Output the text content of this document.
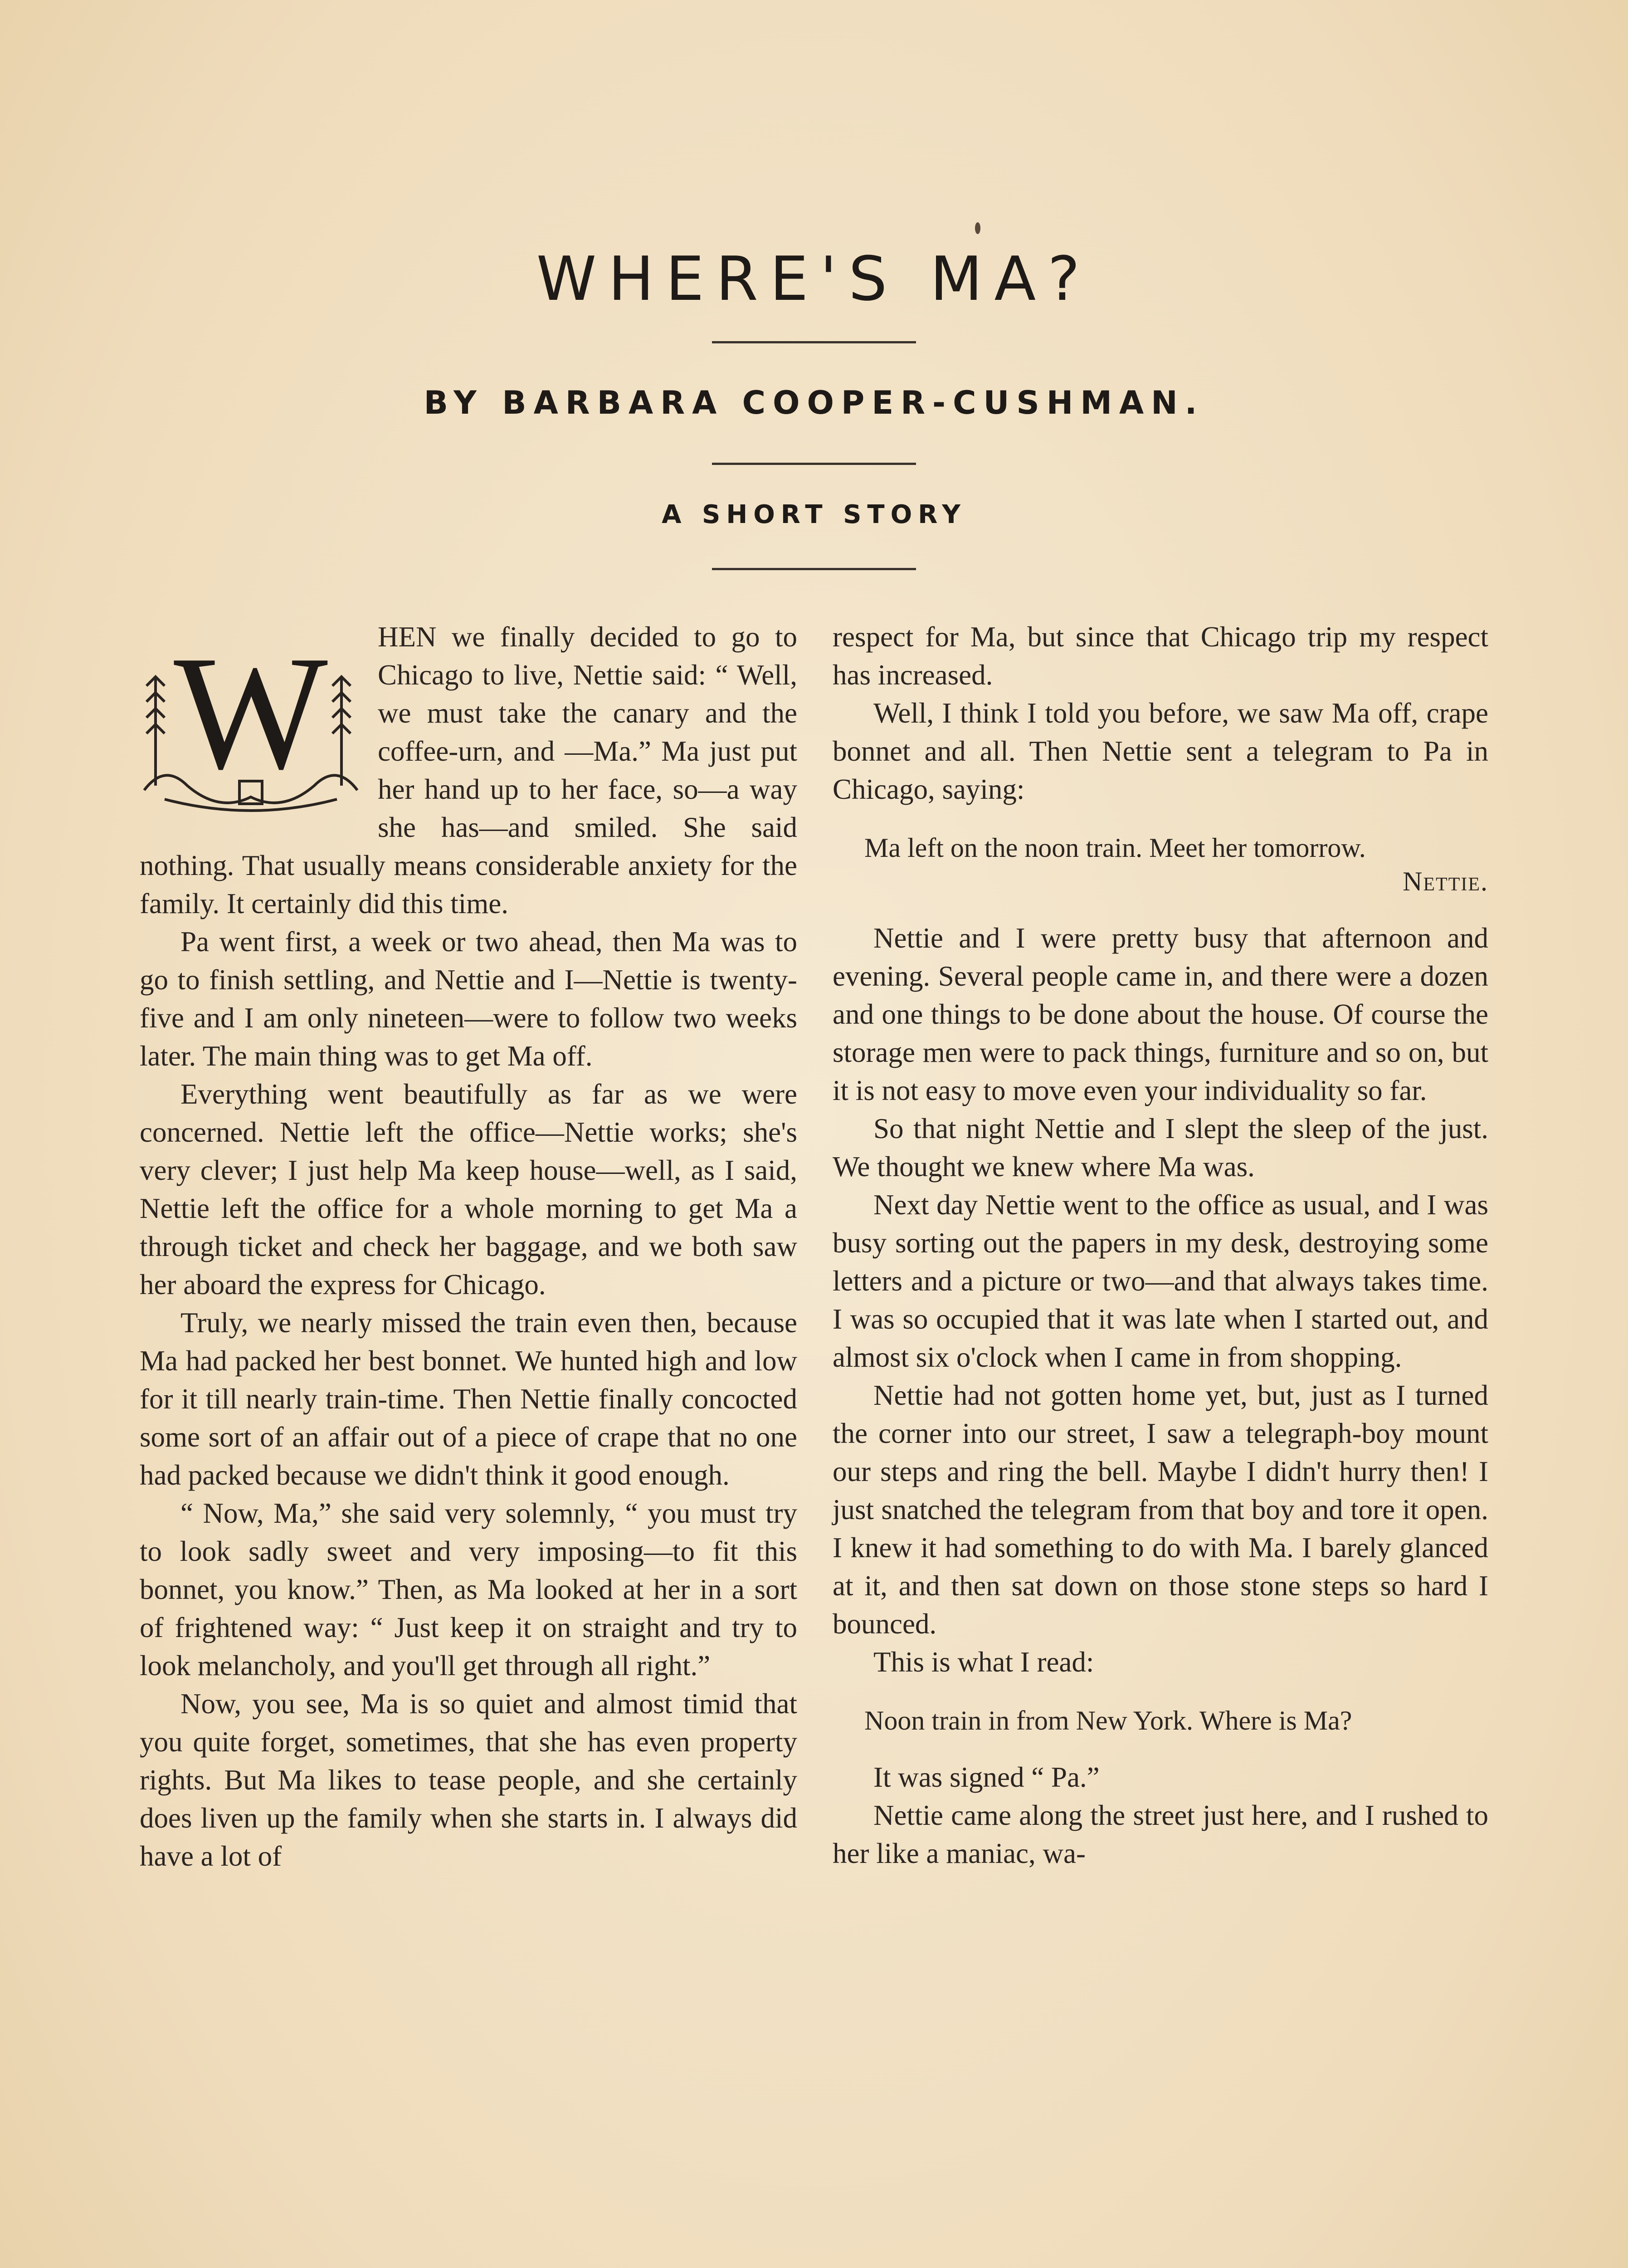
WHERE'S MA?
BY BARBARA COOPER-CUSHMAN.
A SHORT STORY
W	HEN we finally decided to go to Chicago to live, Nettie said: “ Well, we must take the canary and the coffee-urn, and —Ma.” Ma just put her hand up to her face, so—a way she has—and smiled. She said nothing. That usually means considerable anxiety for the family. It certainly did this time.

Pa went first, a week or two ahead, then Ma was to go to finish settling, and Nettie and I—Nettie is twenty-five and I am only nineteen—were to follow two weeks later. The main thing was to get Ma off.

Everything went beautifully as far as we were concerned. Nettie left the office—Nettie works; she's very clever; I just help Ma keep house—well, as I said, Nettie left the office for a whole morning to get Ma a through ticket and check her baggage, and we both saw her aboard the express for Chicago.

Truly, we nearly missed the train even then, because Ma had packed her best bonnet. We hunted high and low for it till nearly train-time. Then Nettie finally concocted some sort of an affair out of a piece of crape that no one had packed because we didn't think it good enough.

“ Now, Ma,” she said very solemnly, “ you must try to look sadly sweet and very imposing—to fit this bonnet, you know.” Then, as Ma looked at her in a sort of frightened way: “ Just keep it on straight and try to look melancholy, and you'll get through all right.”

Now, you see, Ma is so quiet and almost timid that you quite forget, sometimes, that she has even property rights. But Ma likes to tease people, and she certainly does liven up the family when she starts in. I always did have a lot of

respect for Ma, but since that Chicago trip my respect has increased.

Well, I think I told you before, we saw Ma off, crape bonnet and all. Then Nettie sent a telegram to Pa in Chicago, saying:

Ma left on the noon train. Meet her tomorrow.
Nettie.

Nettie and I were pretty busy that afternoon and evening. Several people came in, and there were a dozen and one things to be done about the house. Of course the storage men were to pack things, furniture and so on, but it is not easy to move even your individuality so far.

So that night Nettie and I slept the sleep of the just. We thought we knew where Ma was.

Next day Nettie went to the office as usual, and I was busy sorting out the papers in my desk, destroying some letters and a picture or two—and that always takes time. I was so occupied that it was late when I started out, and almost six o'clock when I came in from shopping.

Nettie had not gotten home yet, but, just as I turned the corner into our street, I saw a telegraph-boy mount our steps and ring the bell. Maybe I didn't hurry then! I just snatched the telegram from that boy and tore it open. I knew it had something to do with Ma. I barely glanced at it, and then sat down on those stone steps so hard I bounced.

This is what I read:

Noon train in from New York. Where is Ma?

It was signed “ Pa.”

Nettie came along the street just here, and I rushed to her like a maniac, wa-
